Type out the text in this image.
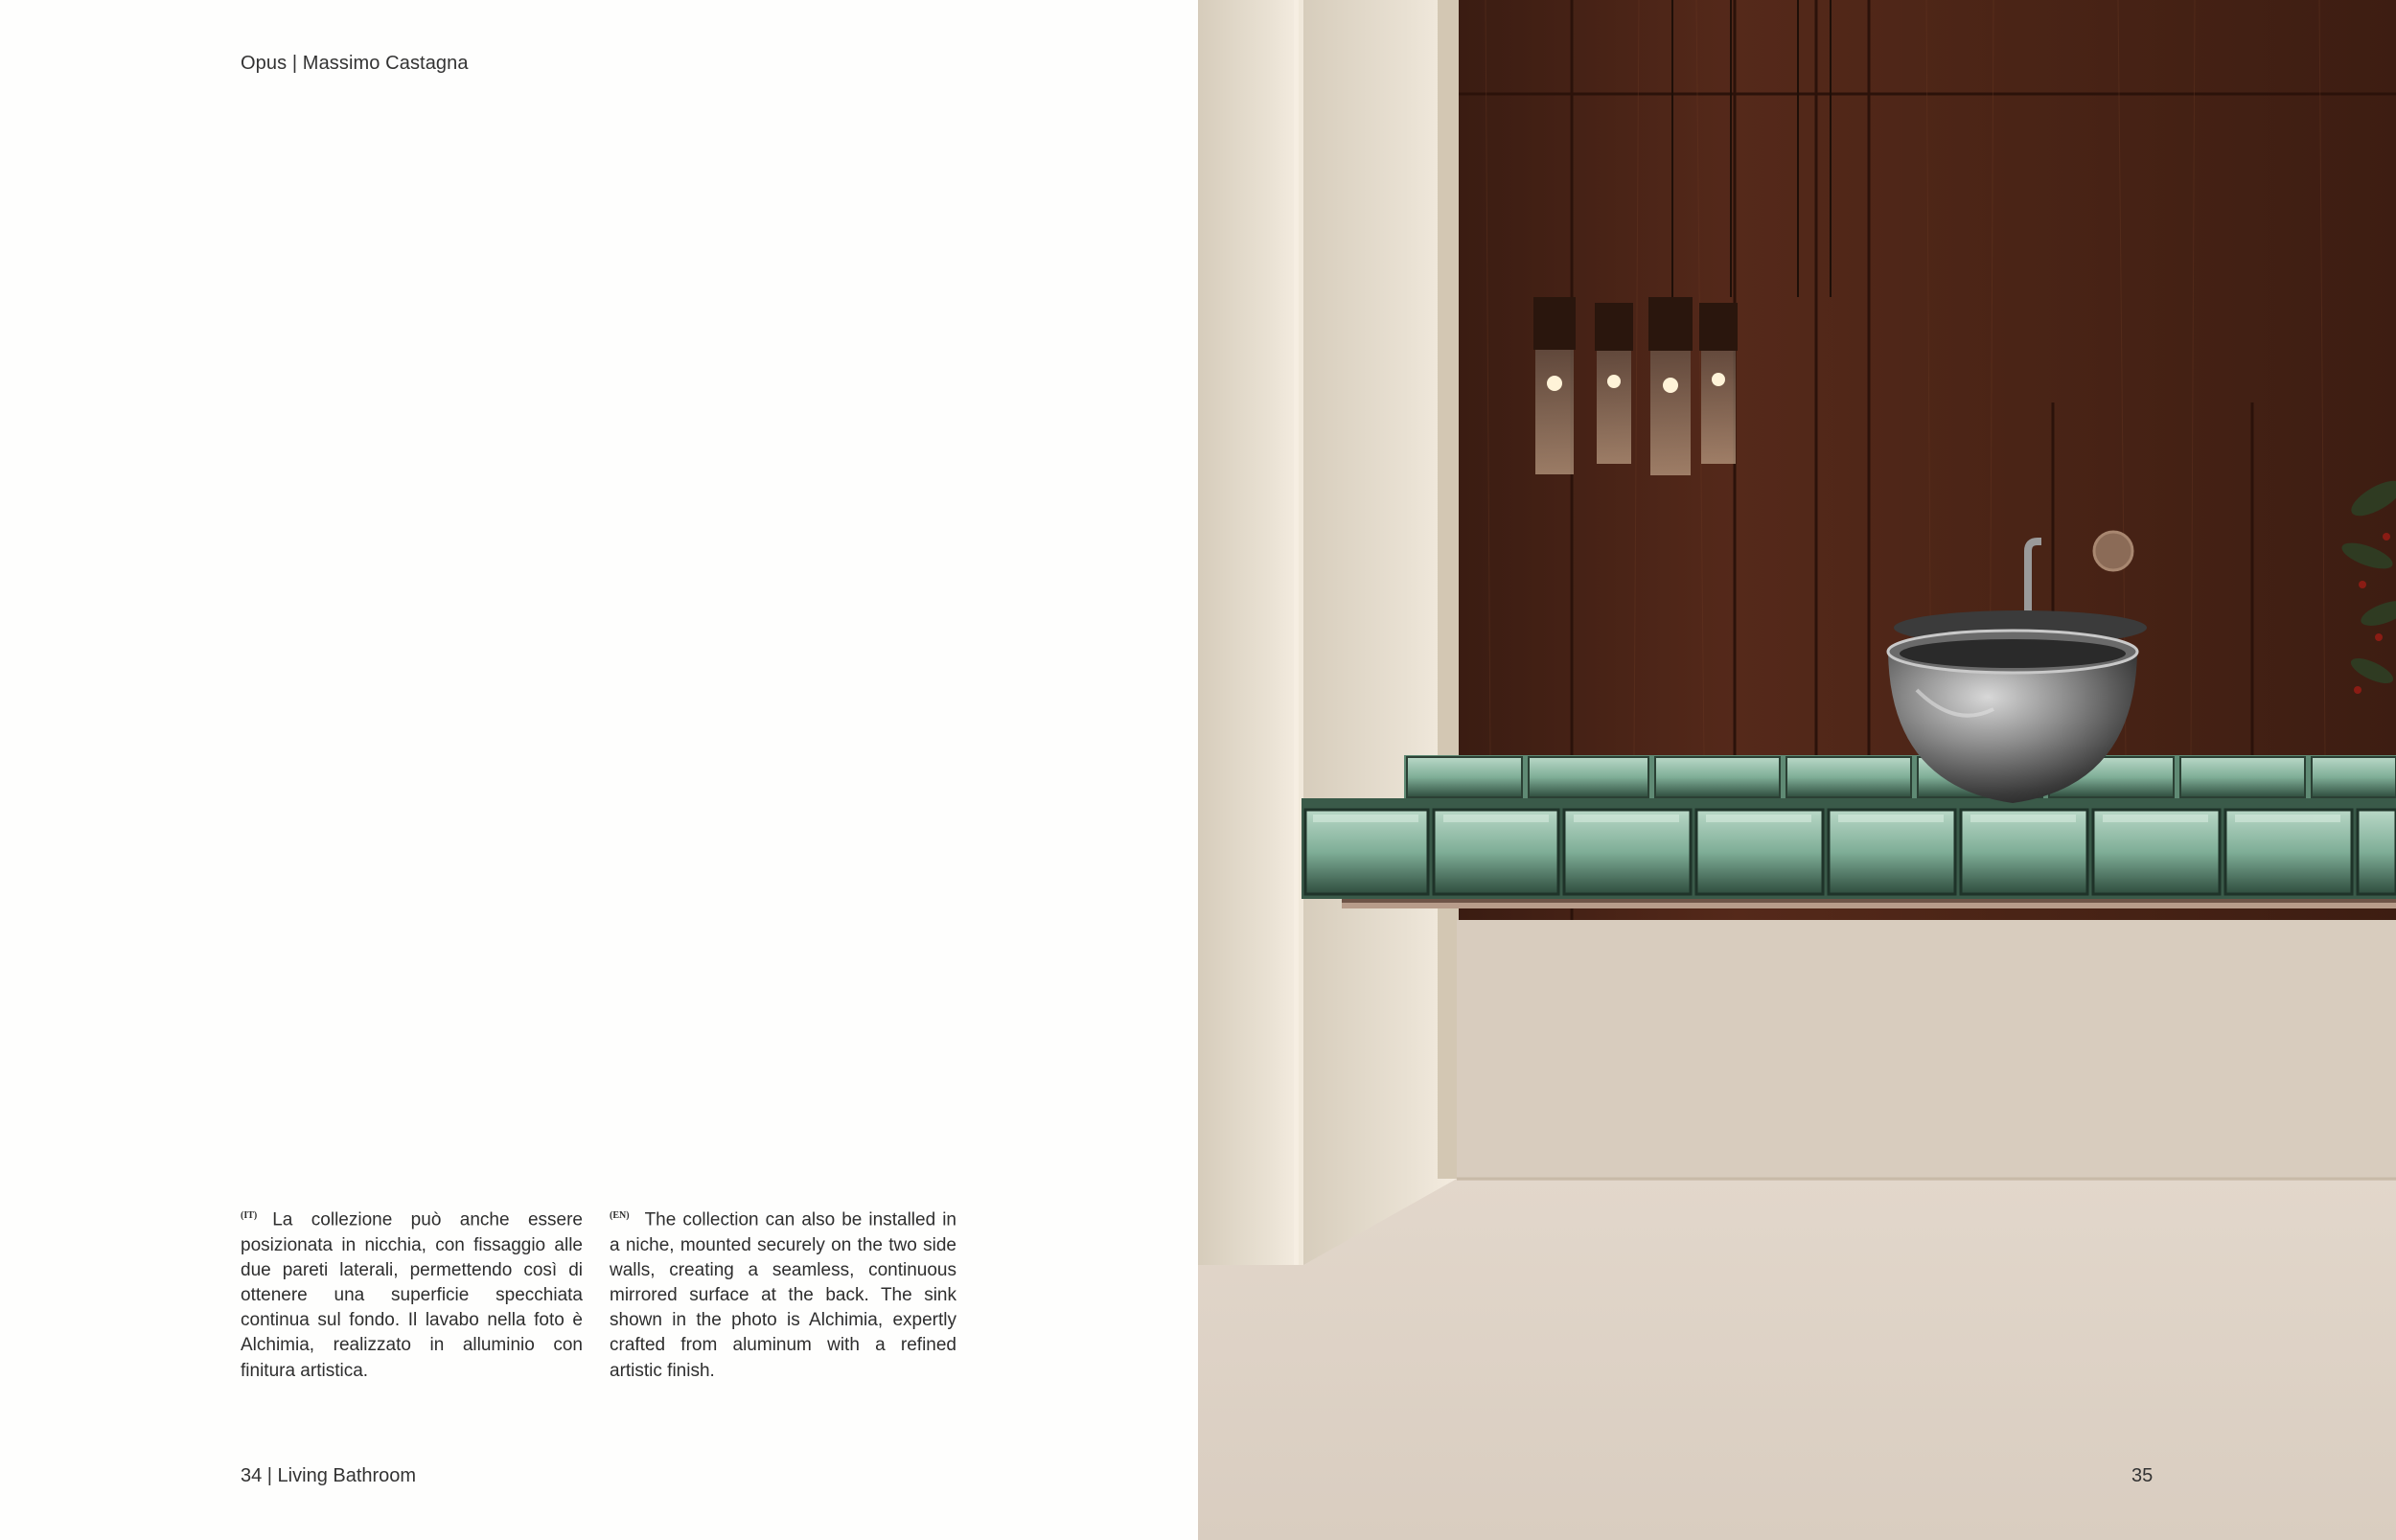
Opus | Massimo Castagna
$^{(IT)}$ La collezione può anche essere posizionata in nicchia, con fissaggio alle due pareti laterali, permettendo così di ottenere una superficie specchiata continua sul fondo. Il lavabo nella foto è Alchimia, realizzato in alluminio con finitura artistica.
$^{(EN)}$ The collection can also be installed in a niche, mounted securely on the two side walls, creating a seamless, continuous mirrored surface at the back. The sink shown in the photo is Alchimia, expertly crafted from aluminum with a refined artistic finish.
34 | Living Bathroom	35
